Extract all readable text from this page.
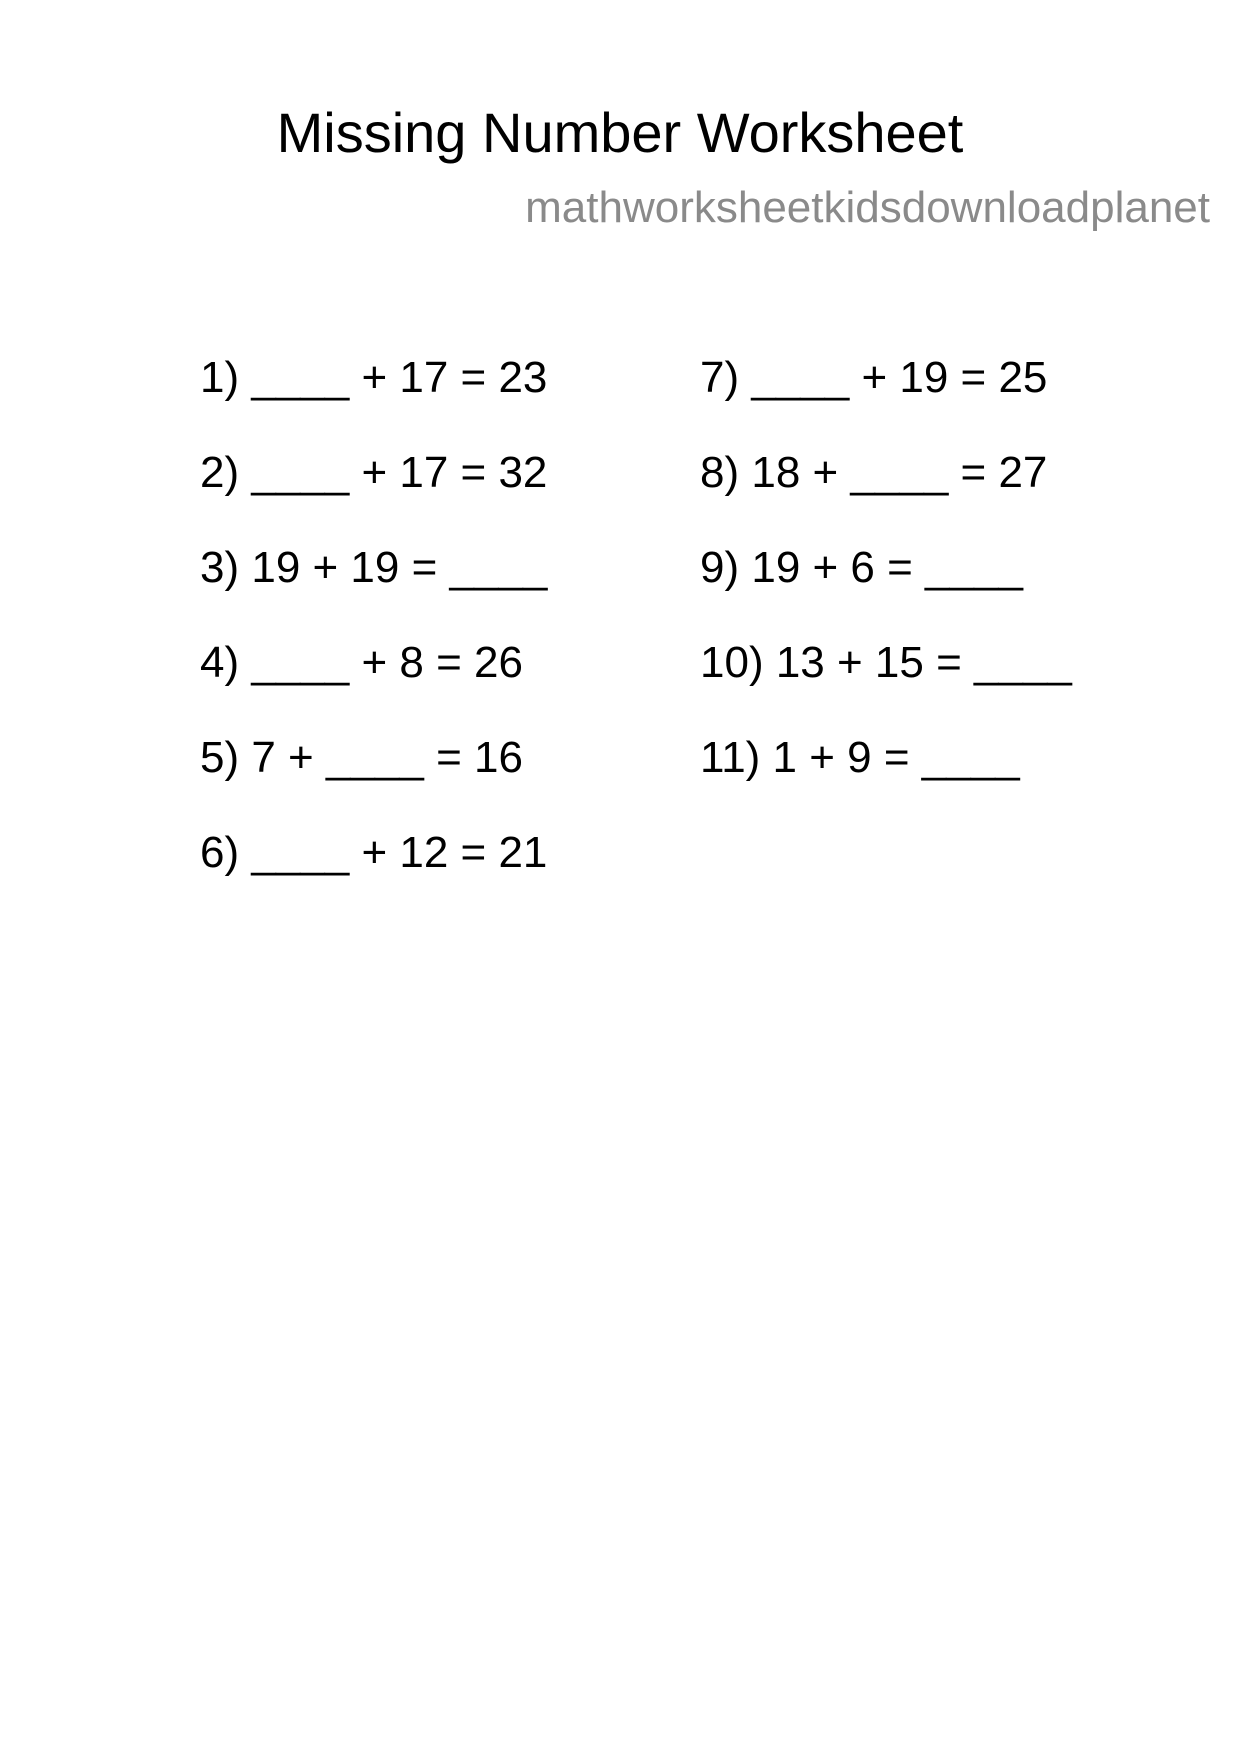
Missing Number Worksheet
mathworksheetkidsdownloadplanet
1) ____ + 17 = 23
2) ____ + 17 = 32
3) 19 + 19 = ____
4) ____ + 8 = 26
5) 7 + ____ = 16
6) ____ + 12 = 21
7) ____ + 19 = 25
8) 18 + ____ = 27
9) 19 + 6 = ____
10) 13 + 15 = ____
11) 1 + 9 = ____
